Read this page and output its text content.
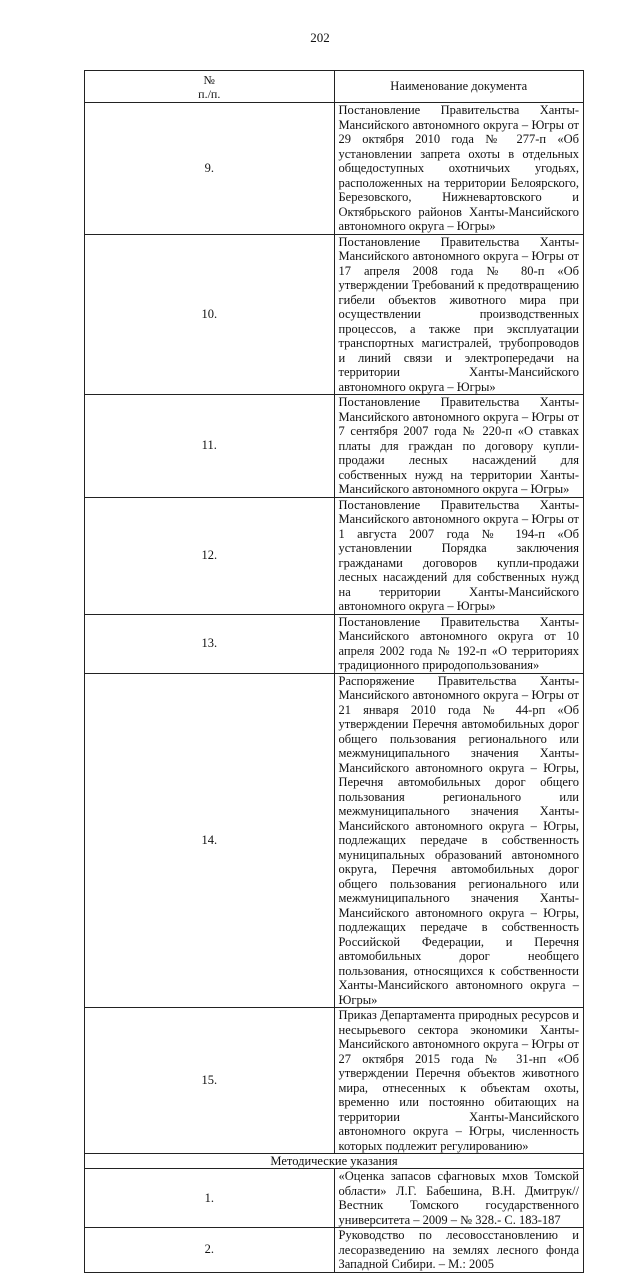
202
№
п./п.	Наименование документа
9.	Постановление Правительства Ханты-Мансийского автономного округа – Югры от 29 октября 2010 года № 277-п «Об установлении запрета охоты в отдельных общедоступных охотничьих угодьях, расположенных на территории Белоярского, Березовского, Нижневартовского и Октябрьского районов Ханты-Мансийского автономного округа – Югры»
10.	Постановление Правительства Ханты-Мансийского автономного округа – Югры от 17 апреля 2008 года № 80-п «Об утверждении Требований к предотвращению гибели объектов животного мира при осуществлении производственных процессов, а также при эксплуатации транспортных магистралей, трубопроводов и линий связи и электропередачи на территории Ханты-Мансийского автономного округа – Югры»
11.	Постановление Правительства Ханты-Мансийского автономного округа – Югры от 7 сентября 2007 года № 220-п «О ставках платы для граждан по договору купли-продажи лесных насаждений для собственных нужд на территории Ханты-Мансийского автономного округа – Югры»
12.	Постановление Правительства Ханты-Мансийского автономного округа – Югры от 1 августа 2007 года № 194-п «Об установлении Порядка заключения гражданами договоров купли-продажи лесных насаждений для собственных нужд на территории Ханты-Мансийского автономного округа – Югры»
13.	Постановление Правительства Ханты-Мансийского автономного округа от 10 апреля 2002 года № 192-п «О территориях традиционного природопользования»
14.	Распоряжение Правительства Ханты-Мансийского автономного округа – Югры от 21 января 2010 года № 44-рп «Об утверждении Перечня автомобильных дорог общего пользования регионального или межмуниципального значения Ханты-Мансийского автономного округа – Югры, Перечня автомобильных дорог общего пользования регионального или межмуниципального значения Ханты-Мансийского автономного округа – Югры, подлежащих передаче в собственность муниципальных образований автономного округа, Перечня автомобильных дорог общего пользования регионального или межмуниципального значения Ханты-Мансийского автономного округа – Югры, подлежащих передаче в собственность Российской Федерации, и Перечня автомобильных дорог необщего пользования, относящихся к собственности Ханты-Мансийского автономного округа – Югры»
15.	Приказ Департамента природных ресурсов и несырьевого сектора экономики Ханты-Мансийского автономного округа – Югры от 27 октября 2015 года № 31-нп «Об утверждении Перечня объектов животного мира, отнесенных к объектам охоты, временно или постоянно обитающих на территории Ханты-Мансийского автономного округа – Югры, численность которых подлежит регулированию»
Методические указания	
1.	«Оценка запасов сфагновых мхов Томской области» Л.Г. Бабешина, В.Н. Дмитрук// Вестник Томского государственного университета – 2009 – № 328.- С. 183-187
2.	Руководство по лесовосстановлению и лесоразведению на землях лесного фонда Западной Сибири. – М.: 2005
